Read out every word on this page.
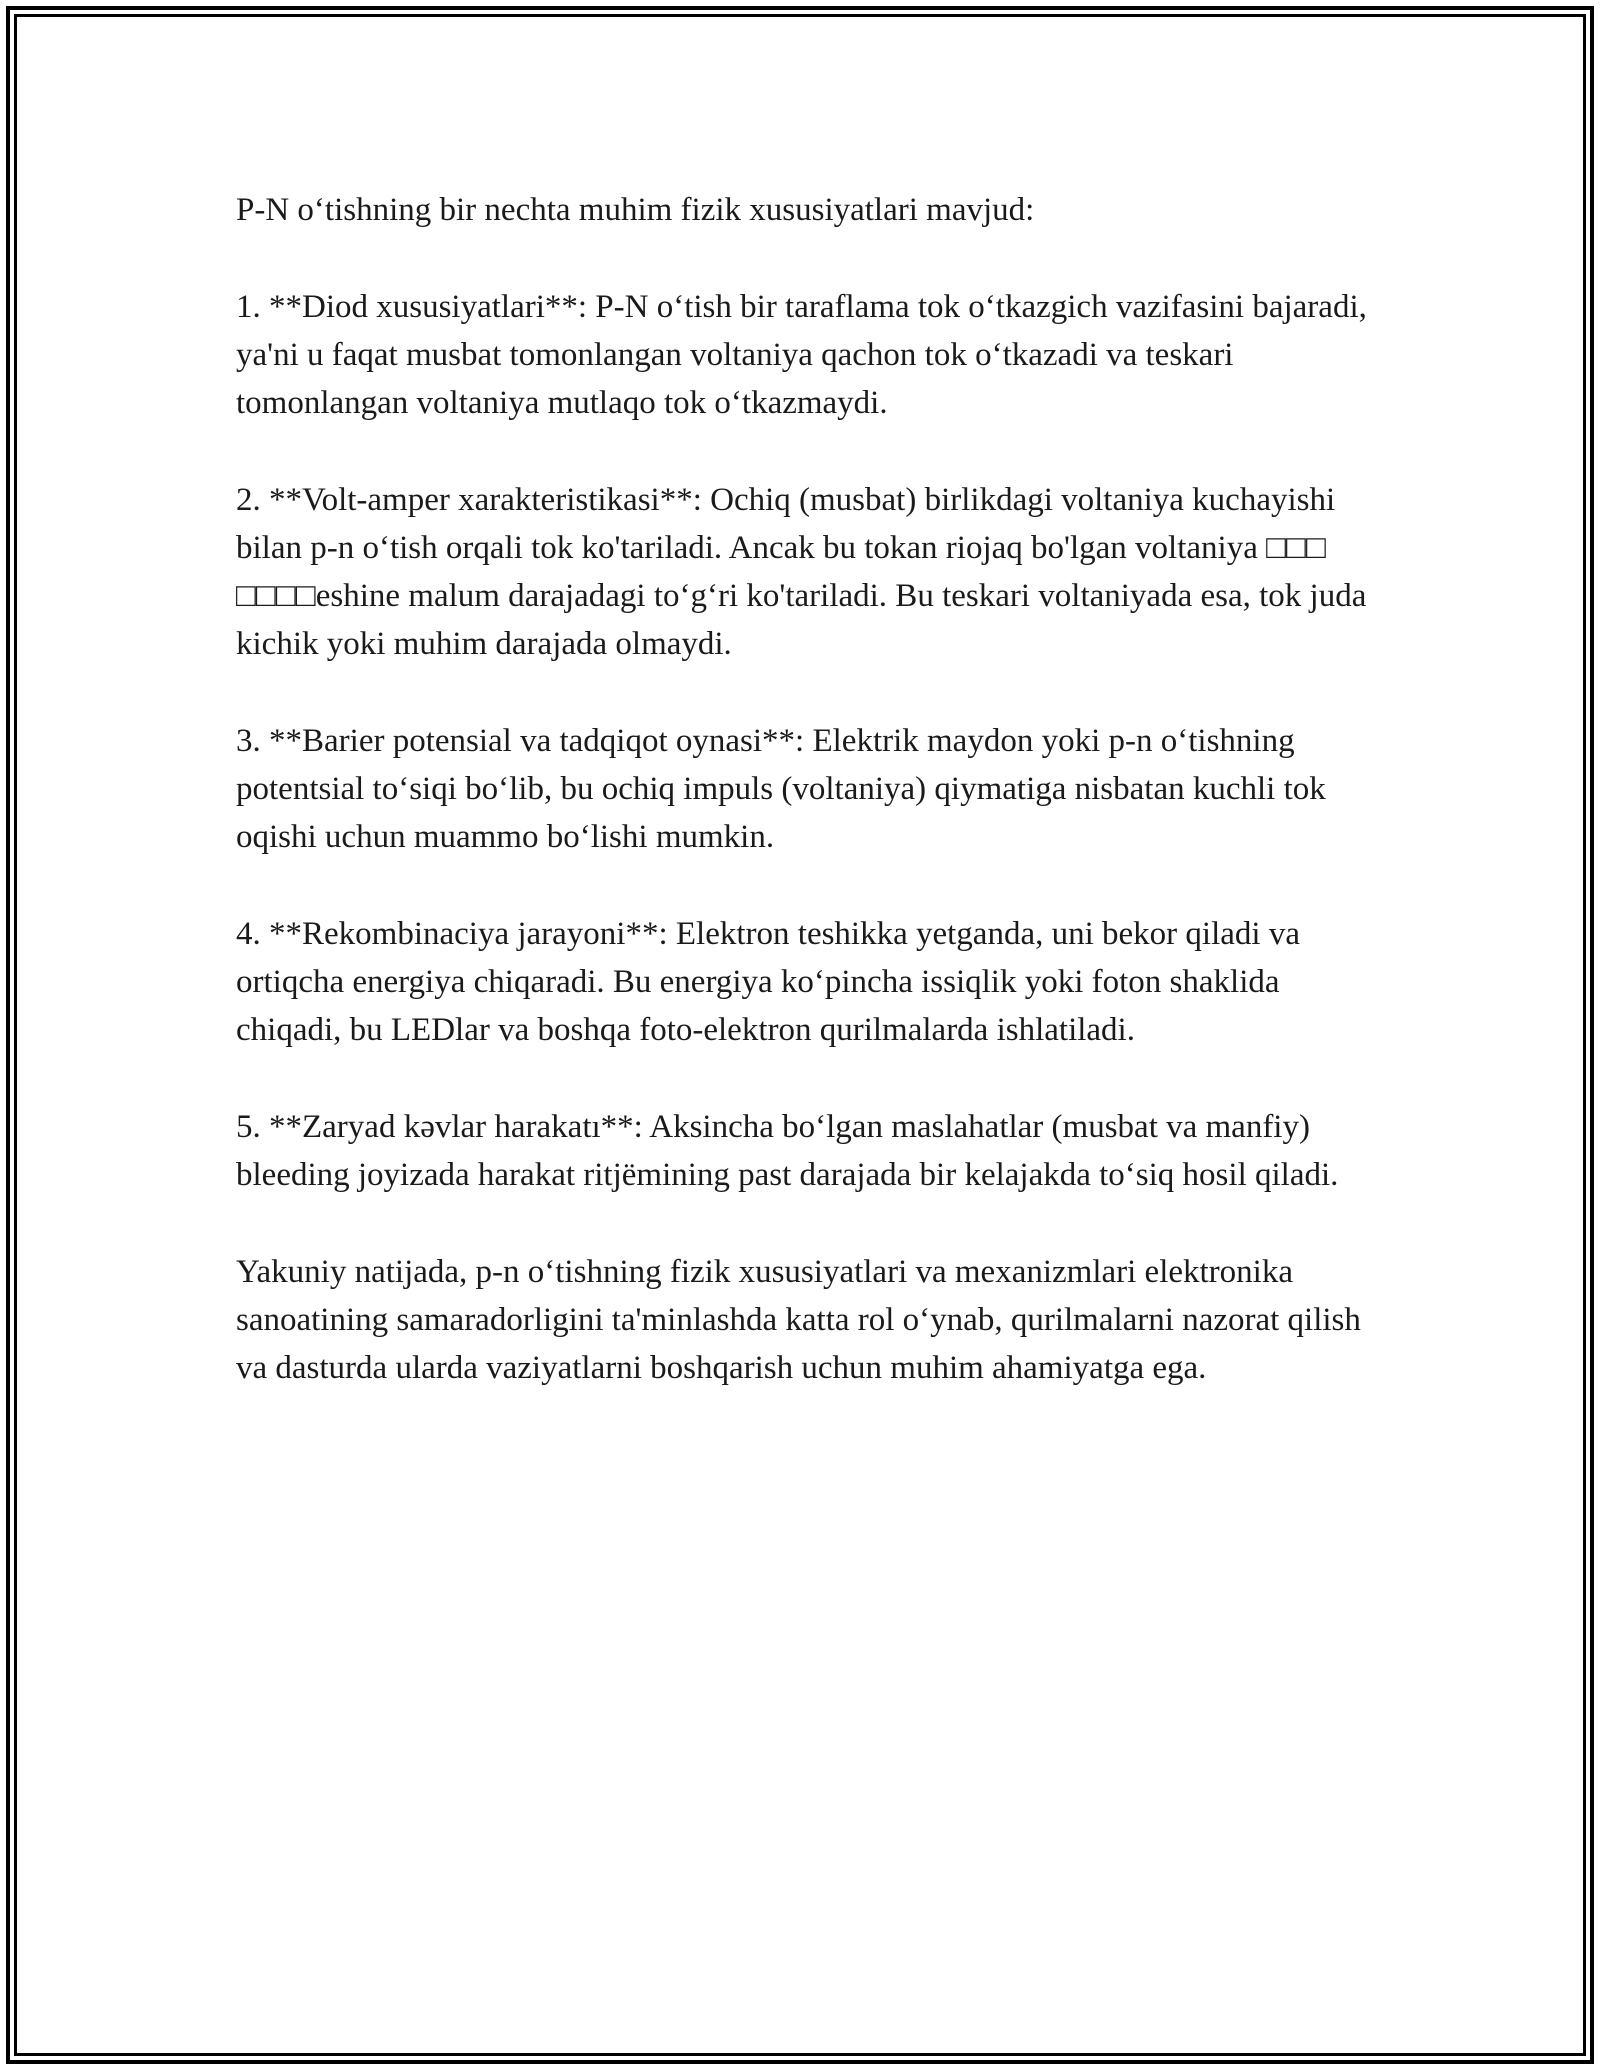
P-N o‘tishning bir nechta muhim fizik xususiyatlari mavjud:

1. **Diod xususiyatlari**: P-N o‘tish bir taraflama tok o‘tkazgich vazifasini bajaradi, ya'ni u faqat musbat tomonlangan voltaniya qachon tok o‘tkazadi va teskari tomonlangan voltaniya mutlaqo tok o‘tkazmaydi.

2. **Volt-amper xarakteristikasi**: Ochiq (musbat) birlikdagi voltaniya kuchayishi bilan p-n o‘tish orqali tok ko'tariladi. Ancak bu tokan riojaq bo'lgan voltaniya □□□ □□□□eshine malum darajadagi to‘g‘ri ko'tariladi. Bu teskari voltaniyada esa, tok juda kichik yoki muhim darajada olmaydi.

3. **Barier potensial va tadqiqot oynasi**: Elektrik maydon yoki p-n o‘tishning potentsial to‘siqi bo‘lib, bu ochiq impuls (voltaniya) qiymatiga nisbatan kuchli tok oqishi uchun muammo bo‘lishi mumkin.

4. **Rekombinaciya jarayoni**: Elektron teshikka yetganda, uni bekor qiladi va ortiqcha energiya chiqaradi. Bu energiya ko‘pincha issiqlik yoki foton shaklida chiqadi, bu LEDlar va boshqa foto-elektron qurilmalarda ishlatiladi.

5. **Zaryad kəvlar harakatı**: Aksincha bo‘lgan maslahatlar (musbat va manfiy) bleeding joyizada harakat ritjëmining past darajada bir kelajakda to‘siq hosil qiladi.

Yakuniy natijada, p-n o‘tishning fizik xususiyatlari va mexanizmlari elektronika sanoatining samaradorligini ta'minlashda katta rol o‘ynab, qurilmalarni nazorat qilish va dasturda ularda vaziyatlarni boshqarish uchun muhim ahamiyatga ega.
